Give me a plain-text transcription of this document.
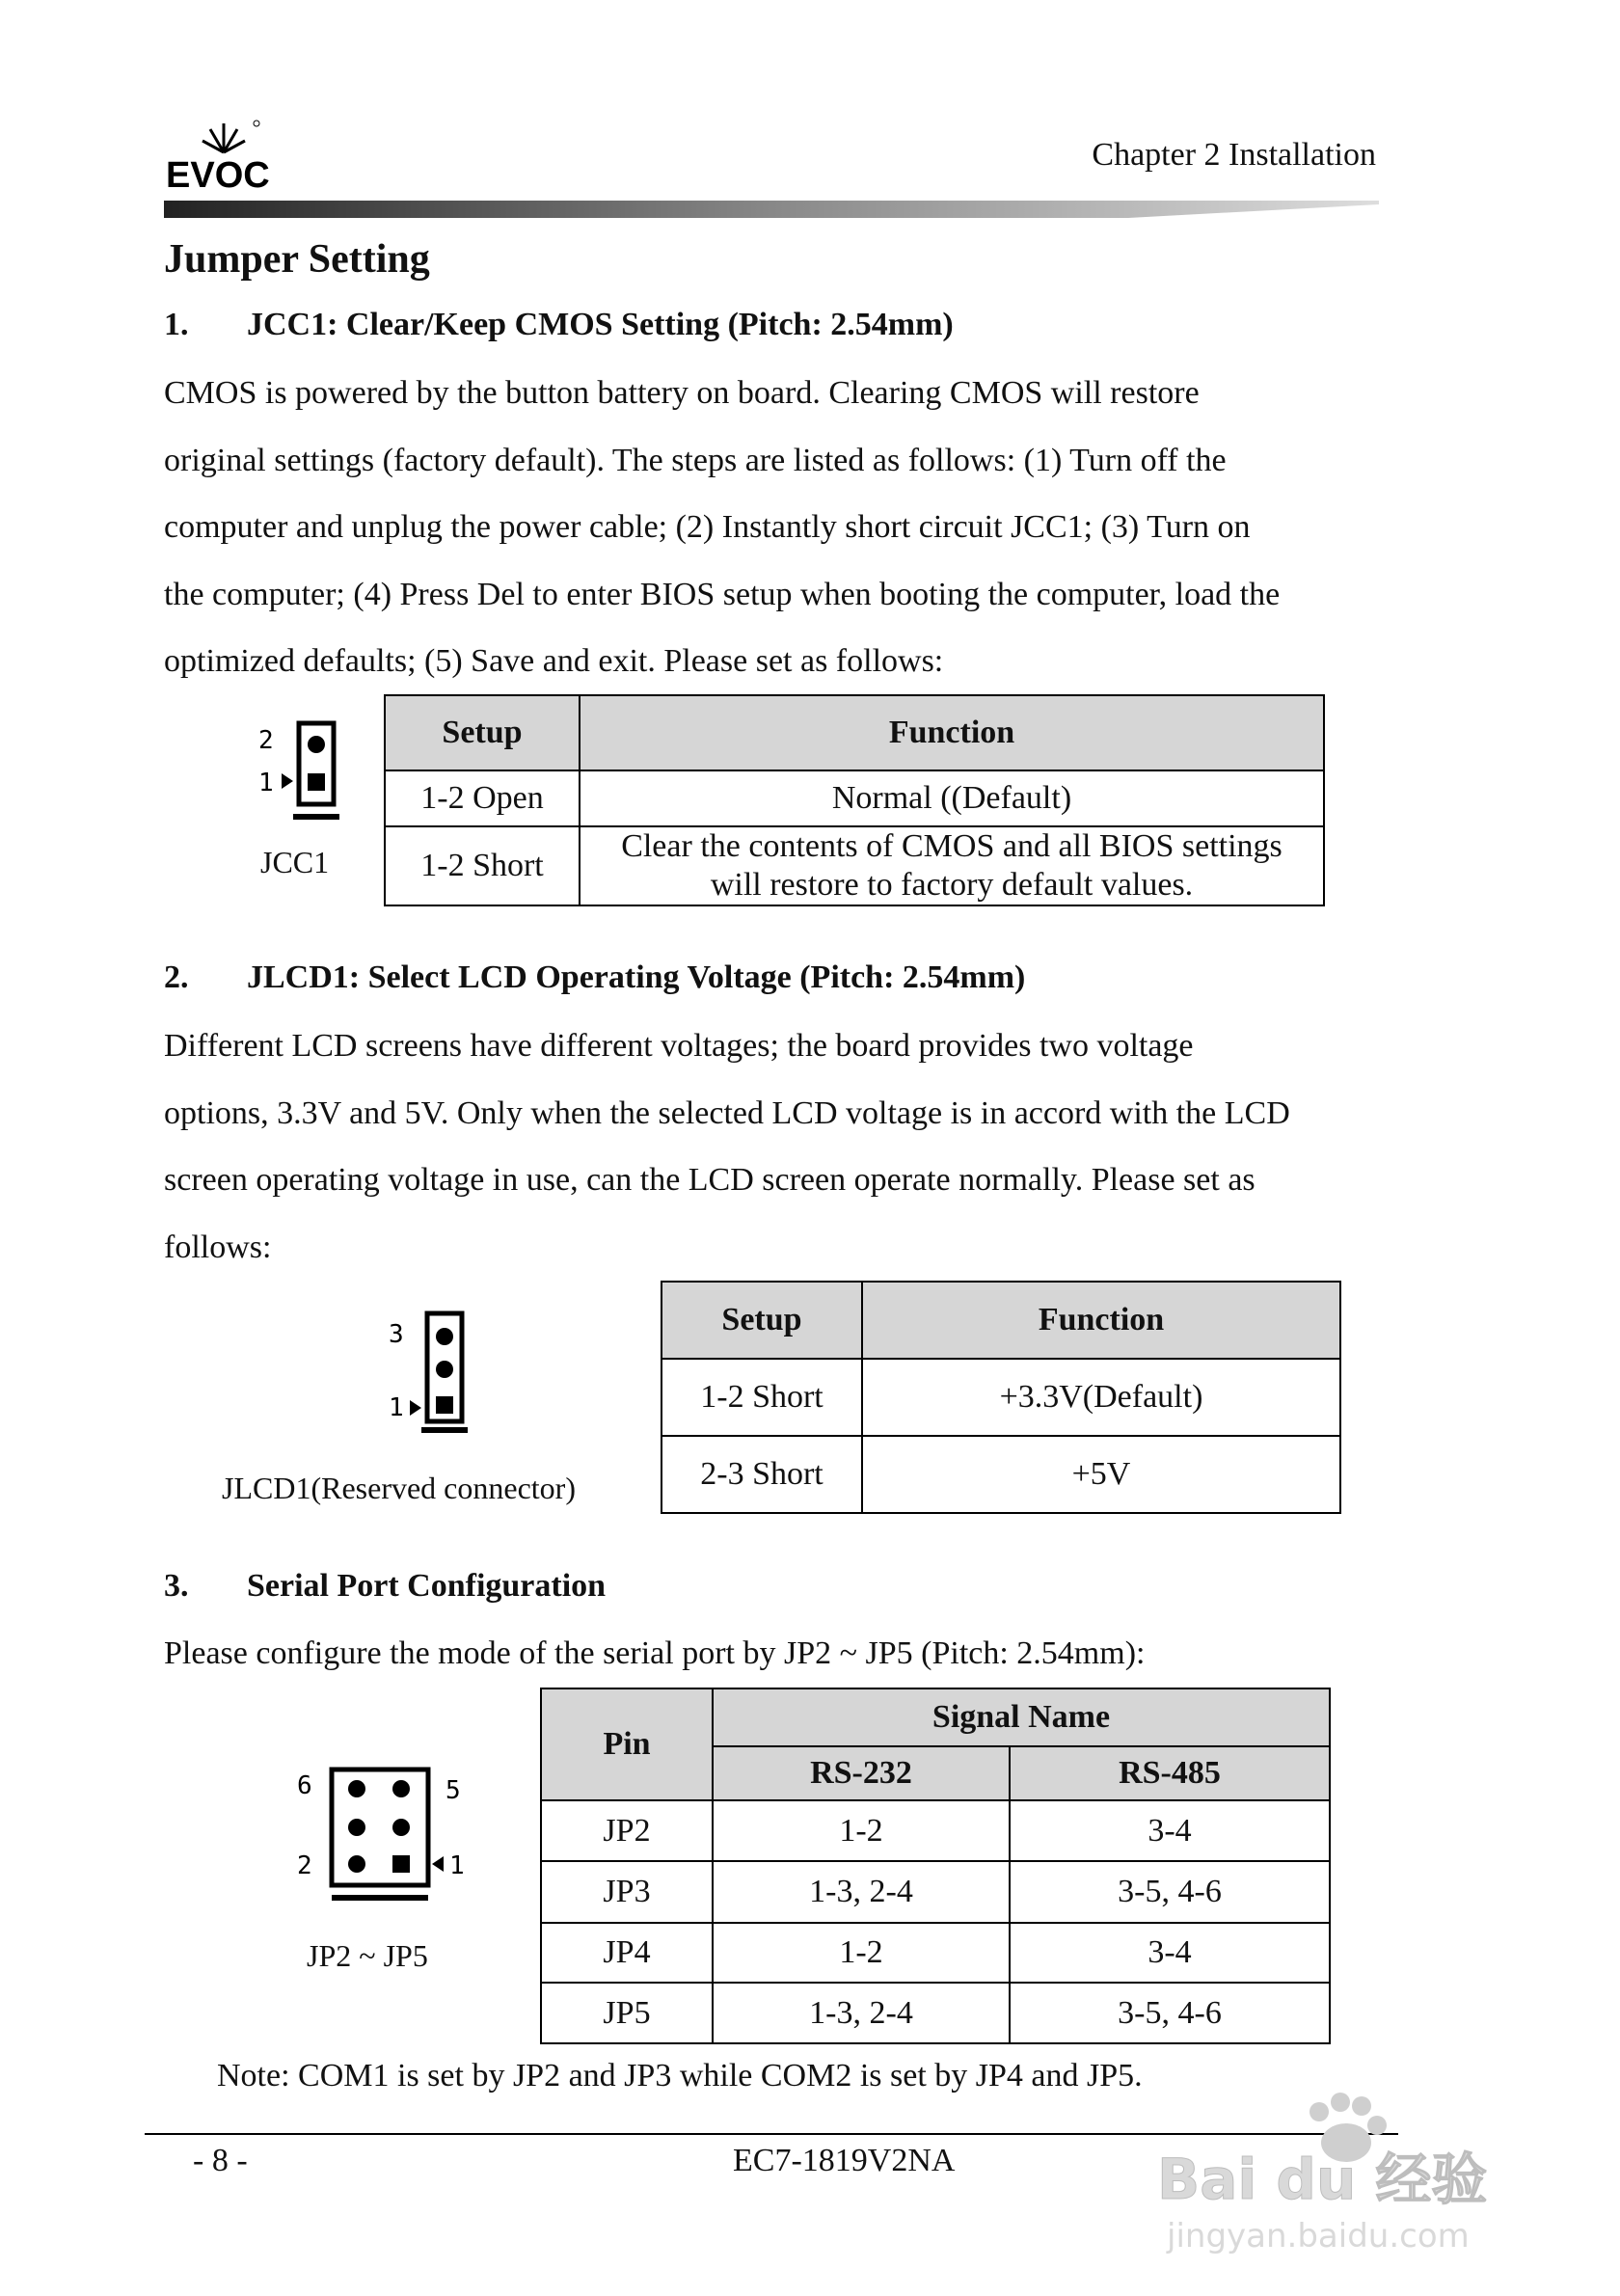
EVOC
Chapter 2 Installation
Jumper Setting
1. JCC1: Clear/Keep CMOS Setting (Pitch: 2.54mm)
CMOS is powered by the button battery on board. Clearing CMOS will restore
original settings (factory default). The steps are listed as follows: (1) Turn off the
computer and unplug the power cable; (2) Instantly short circuit JCC1; (3) Turn on
the computer; (4) Press Del to enter BIOS setup when booting the computer, load the
optimized defaults; (5) Save and exit. Please set as follows:
2
1
JCC1
Setup	Function
1-2 Open	Normal ((Default)
1-2 Short	Clear the contents of CMOS and all BIOS settings
will restore to factory default values.
2. JLCD1: Select LCD Operating Voltage (Pitch: 2.54mm)
Different LCD screens have different voltages; the board provides two voltage
options, 3.3V and 5V. Only when the selected LCD voltage is in accord with the LCD
screen operating voltage in use, can the LCD screen operate normally. Please set as
follows:
3
1
JLCD1(Reserved connector)
Setup	Function
1-2 Short	+3.3V(Default)
2-3 Short	+5V
3. Serial Port Configuration
Please configure the mode of the serial port by JP2 ~ JP5 (Pitch: 2.54mm):
6	5
2	1
JP2 ~ JP5
Pin	Signal Name	
	RS-232	RS-485
JP2	1-2	3-4
JP3	1-3, 2-4	3-5, 4-6
JP4	1-2	3-4
JP5	1-3, 2-4	3-5, 4-6
Note: COM1 is set by JP2 and JP3 while COM2 is set by JP4 and JP5.
- 8 -	EC7-1819V2NA	Bai du 经验
jingyan.baidu.com
